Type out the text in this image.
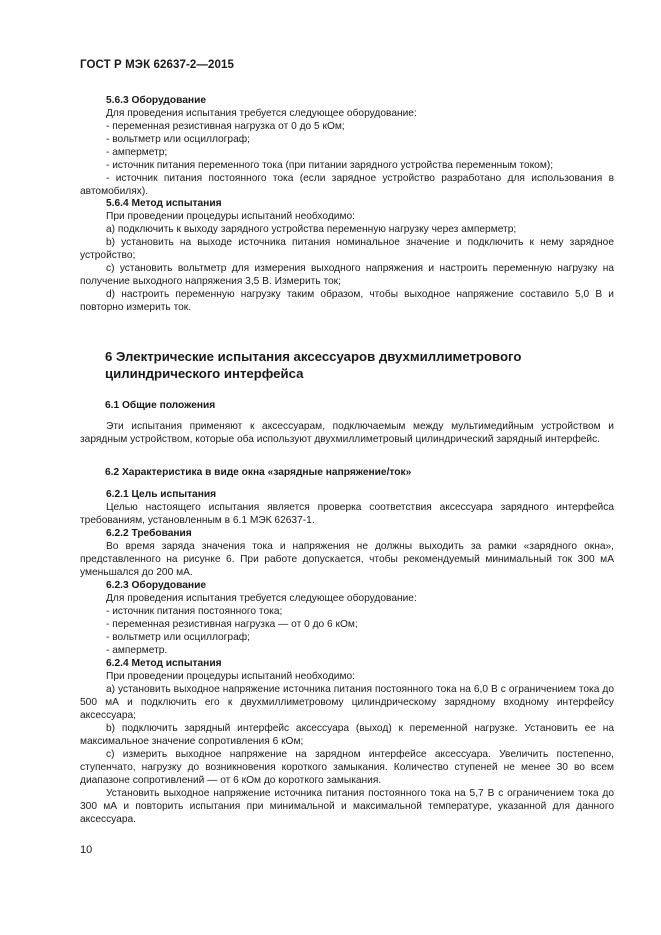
ГОСТ Р МЭК 62637-2—2015
5.6.3 Оборудование
Для проведения испытания требуется следующее оборудование:
- переменная резистивная нагрузка от 0 до 5 кОм;
- вольтметр или осциллограф;
- амперметр;
- источник питания переменного тока (при питании зарядного устройства переменным током);
- источник питания постоянного тока (если зарядное устройство разработано для использования в автомобилях).
5.6.4 Метод испытания
При проведении процедуры испытаний необходимо:
a) подключить к выходу зарядного устройства переменную нагрузку через амперметр;
b) установить на выходе источника питания номинальное значение и подключить к нему зарядное устройство;
c) установить вольтметр для измерения выходного напряжения и настроить переменную нагрузку на получение выходного напряжения 3,5 В. Измерить ток;
d) настроить переменную нагрузку таким образом, чтобы выходное напряжение составило 5,0 В и повторно измерить ток.
6 Электрические испытания аксессуаров двухмиллиметрового цилиндрического интерфейса
6.1 Общие положения
Эти испытания применяют к аксессуарам, подключаемым между мультимедийным устройством и зарядным устройством, которые оба используют двухмиллиметровый цилиндрический зарядный интерфейс.
6.2 Характеристика в виде окна «зарядные напряжение/ток»
6.2.1 Цель испытания
Целью настоящего испытания является проверка соответствия аксессуара зарядного интерфейса требованиям, установленным в 6.1 МЭК 62637-1.
6.2.2 Требования
Во время заряда значения тока и напряжения не должны выходить за рамки «зарядного окна», представленного на рисунке 6. При работе допускается, чтобы рекомендуемый минимальный ток 300 мА уменьшался до 200 мА.
6.2.3 Оборудование
Для проведения испытания требуется следующее оборудование:
- источник питания постоянного тока;
- переменная резистивная нагрузка — от 0 до 6 кОм;
- вольтметр или осциллограф;
- амперметр.
6.2.4 Метод испытания
При проведении процедуры испытаний необходимо:
a) установить выходное напряжение источника питания постоянного тока на 6,0 В с ограничением тока до 500 мА и подключить его к двухмиллиметровому цилиндрическому зарядному входному интерфейсу аксессуара;
b) подключить зарядный интерфейс аксессуара (выход) к переменной нагрузке. Установить ее на максимальное значение сопротивления 6 кОм;
c) измерить выходное напряжение на зарядном интерфейсе аксессуара. Увеличить постепенно, ступенчато, нагрузку до возникновения короткого замыкания. Количество ступеней не менее 30 во всем диапазоне сопротивлений — от 6 кОм до короткого замыкания.
Установить выходное напряжение источника питания постоянного тока на 5,7 В с ограничением тока до 300 мА и повторить испытания при минимальной и максимальной температуре, указанной для данного аксессуара.
10
